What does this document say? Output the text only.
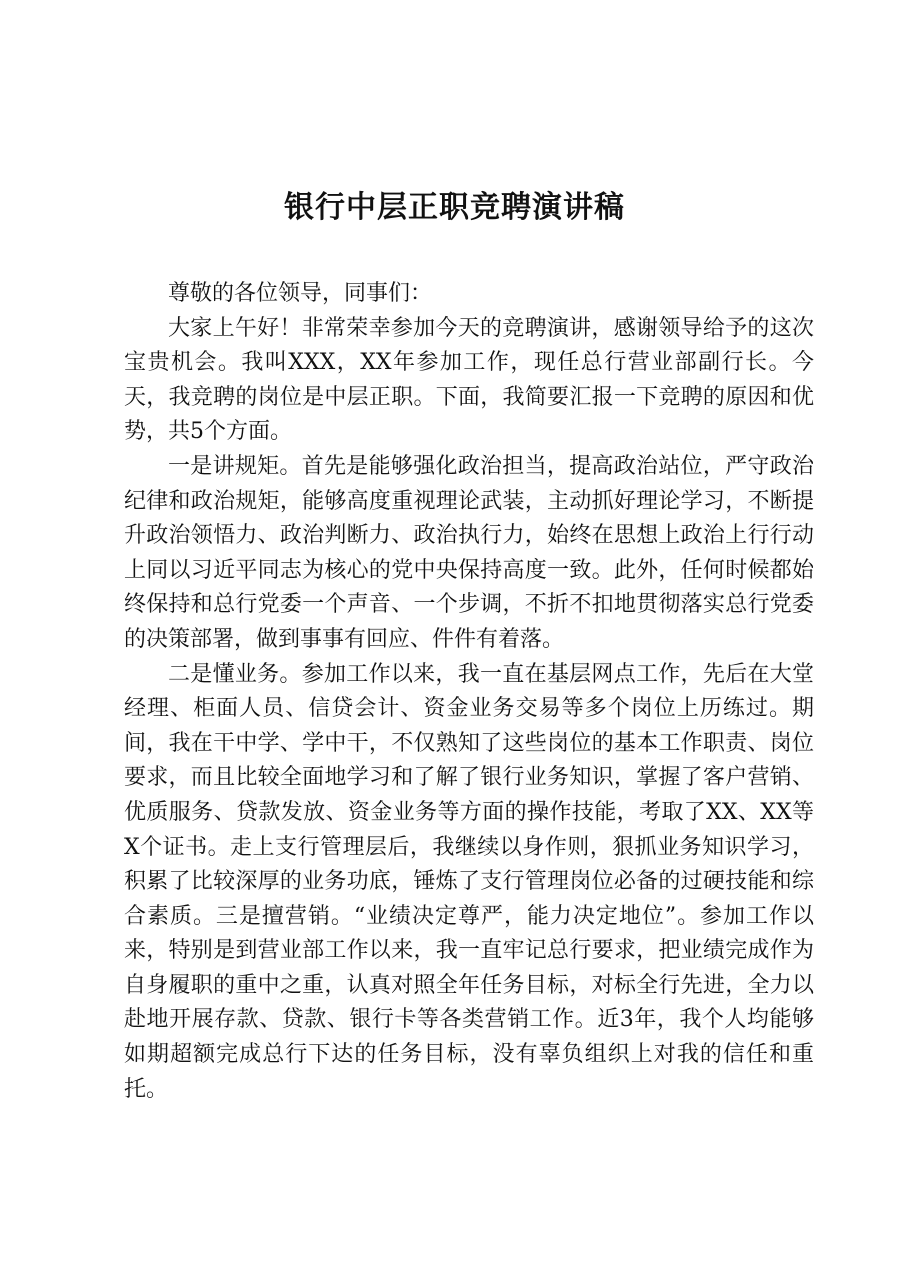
银行中层正职竞聘演讲稿

尊敬的各位领导，同事们：

大家上午好！非常荣幸参加今天的竞聘演讲，感谢领导给予的这次宝贵机会。我叫XXX，XX年参加工作，现任总行营业部副行长。今天，我竞聘的岗位是中层正职。下面，我简要汇报一下竞聘的原因和优势，共5个方面。

一是讲规矩。首先是能够强化政治担当，提高政治站位，严守政治纪律和政治规矩，能够高度重视理论武装，主动抓好理论学习，不断提升政治领悟力、政治判断力、政治执行力，始终在思想上政治上行行动上同以习近平同志为核心的党中央保持高度一致。此外，任何时候都始终保持和总行党委一个声音、一个步调，不折不扣地贯彻落实总行党委的决策部署，做到事事有回应、件件有着落。

二是懂业务。参加工作以来，我一直在基层网点工作，先后在大堂经理、柜面人员、信贷会计、资金业务交易等多个岗位上历练过。期间，我在干中学、学中干，不仅熟知了这些岗位的基本工作职责、岗位要求，而且比较全面地学习和了解了银行业务知识，掌握了客户营销、优质服务、贷款发放、资金业务等方面的操作技能，考取了XX、XX等X个证书。走上支行管理层后，我继续以身作则，狠抓业务知识学习，积累了比较深厚的业务功底，锤炼了支行管理岗位必备的过硬技能和综合素质。三是擅营销。“业绩决定尊严，能力决定地位”。参加工作以来，特别是到营业部工作以来，我一直牢记总行要求，把业绩完成作为自身履职的重中之重，认真对照全年任务目标，对标全行先进，全力以赴地开展存款、贷款、银行卡等各类营销工作。近3年，我个人均能够如期超额完成总行下达的任务目标，没有辜负组织上对我的信任和重托。
